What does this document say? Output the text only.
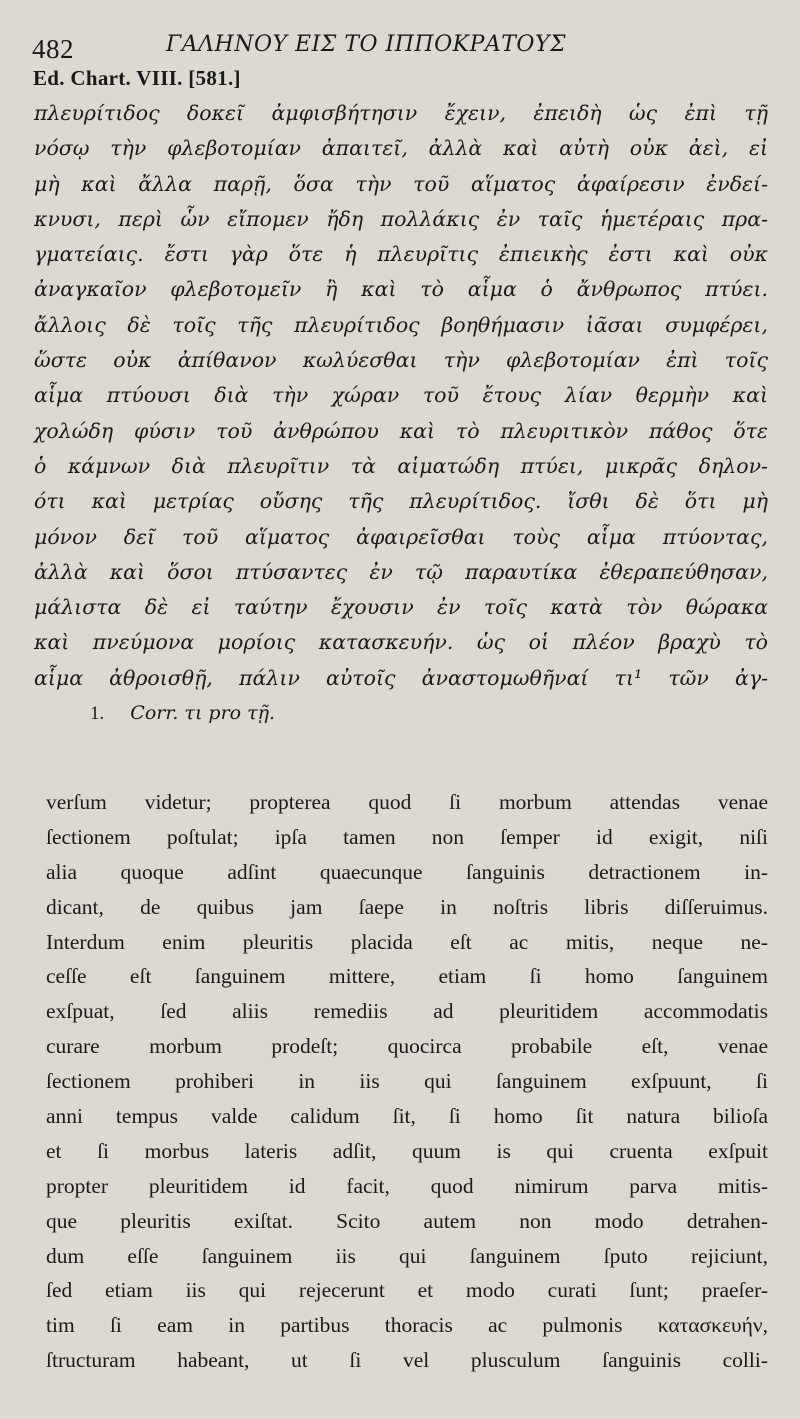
482	ΓΑΛΗΝΟΥ ΕΙΣ ΤΟ ΙΠΠΟΚΡΑΤΟΥΣ
Ed. Chart. VIII. [581.]
πλευρίτιδος δοκεῖ ἀμφισβήτησιν ἔχειν, ἐπειδὴ ὡς ἐπὶ τῇ
νόσῳ τὴν φλεβοτομίαν ἀπαιτεῖ, ἀλλὰ καὶ αὐτὴ οὐκ ἀεὶ, εἰ
μὴ καὶ ἄλλα παρῇ, ὅσα τὴν τοῦ αἵματος ἀφαίρεσιν ἐνδεί-
κνυσι, περὶ ὧν εἴπομεν ἤδη πολλάκις ἐν ταῖς ἡμετέραις πρα-
γματείαις. ἔστι γὰρ ὅτε ἡ πλευρῖτις ἐπιεικὴς ἐστι καὶ οὐκ
ἀναγκαῖον φλεβοτομεῖν ἢ καὶ τὸ αἷμα ὁ ἄνθρωπος πτύει.
ἄλλοις δὲ τοῖς τῆς πλευρίτιδος βοηθήμασιν ἰᾶσαι συμφέρει,
ὥστε οὐκ ἀπίθανον κωλύεσθαι τὴν φλεβοτομίαν ἐπὶ τοῖς
αἷμα πτύουσι διὰ τὴν χώραν τοῦ ἔτους λίαν θερμὴν καὶ
χολώδη φύσιν τοῦ ἀνθρώπου καὶ τὸ πλευριτικὸν πάθος ὅτε
ὁ κάμνων διὰ πλευρῖτιν τὰ αἱματώδη πτύει, μικρᾶς δηλον-
ότι καὶ μετρίας οὔσης τῆς πλευρίτιδος. ἴσθι δὲ ὅτι μὴ
μόνον δεῖ τοῦ αἵματος ἀφαιρεῖσθαι τοὺς αἷμα πτύοντας,
ἀλλὰ καὶ ὅσοι πτύσαντες ἐν τῷ παραυτίκα ἐθεραπεύθησαν,
μάλιστα δὲ εἰ ταύτην ἔχουσιν ἐν τοῖς κατὰ τὸν θώρακα
καὶ πνεύμονα μορίοις κατασκευήν. ὡς οἱ πλέον βραχὺ τὸ
αἷμα ἀθροισθῇ, πάλιν αὐτοῖς ἀναστομωθῆναί τι¹ τῶν ἀγ-
1. Corr. τι pro τῇ.
verſum videtur; propterea quod ſi morbum attendas venae
ſectionem poſtulat; ipſa tamen non ſemper id exigit, niſi
alia quoque adſint quaecunque ſanguinis detractionem in-
dicant, de quibus jam ſaepe in noſtris libris diſſeruimus.
Interdum enim pleuritis placida eſt ac mitis, neque ne-
ceſſe eſt ſanguinem mittere, etiam ſi homo ſanguinem
exſpuat, ſed aliis remediis ad pleuritidem accommodatis
curare morbum prodeſt; quocirca probabile eſt, venae
ſectionem prohiberi in iis qui ſanguinem exſpuunt, ſi
anni tempus valde calidum ſit, ſi homo ſit natura bilioſa
et ſi morbus lateris adſit, quum is qui cruenta exſpuit
propter pleuritidem id facit, quod nimirum parva mitis-
que pleuritis exiſtat. Scito autem non modo detrahen-
dum eſſe ſanguinem iis qui ſanguinem ſputo rejiciunt,
ſed etiam iis qui rejecerunt et modo curati ſunt; praeſer-
tim ſi eam in partibus thoracis ac pulmonis κατασκευήν,
ſtructuram habeant, ut ſi vel plusculum ſanguinis colli-
